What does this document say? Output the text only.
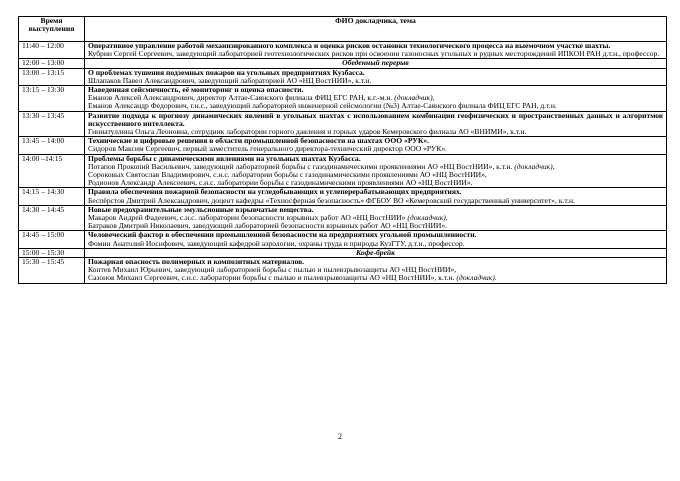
Время выступления	ФИО докладчика, тема
11:40 – 12:00	Оперативное управление работой механизированного комплекса и оценка рисков остановки технологического процесса на выемочном участке шахты.
Кубрин Сергей Сергеевич, заведующий лабораторией геотехнологических рисков при освоении газоносных угольных и рудных месторождений ИПКОН РАН д.т.н., профессор.

12:00 – 13:00	Обеденный перерыв
13:00 – 13:15	О проблемах тушения подземных пожаров на угольных предприятиях Кузбасса.
Шлапаков Павел Александрович, заведующий лабораторией АО «НЦ ВостНИИ», к.т.н.

13:15 – 13:30	Наведенная сейсмичность, её мониторинг и оценка опасности.
Еманов Алексей Александрович, директор Алтае-Саянского филиала ФИЦ ЕГС РАН, к.г.-м.н. (докладчик),
Еманов Александр Федорович, г.н.с., заведующий лабораторией инженерной сейсмологии (№3) Алтае-Саянского филиала ФИЦ ЕГС РАН, д.т.н.

13:30 – 13:45	Развитие подхода к прогнозу динамических явлений в угольных шахтах с использованием комбинации геофизических и пространственных данных и алгоритмов искусственного интеллекта.
Гиниатуллина Ольга Леоновна, сотрудник лаборатории горного давления и горных ударов Кемеровского филиала АО «ВНИМИ», к.т.н.

13:45 – 14:00	Технические и цифровые решения в области промышленной безопасности на шахтах ООО «РУК».
Сидоров Максим Сергеевич, первый заместитель генерального директора-технический директор ООО «РУК».

14:00 –14:15	Проблемы борьбы с динамическими явлениями на угольных шахтах Кузбасса.
Потапов Прокопий Васильевич, заведующий лабораторией борьбы с газодинамическими проявлениями АО «НЦ ВостНИИ», к.т.н. (докладчик),
Сороковых Святослав Владимирович, с.н.с. лаборатории борьбы с газодинамическими проявлениями АО «НЦ ВостНИИ»,
Родионов Александр Алексеевич, с.н.с. лаборатории борьбы с газодинамическими проявлениями АО «НЦ ВостНИИ».

14:15 – 14:30	Правила обеспечения пожарной безопасности на угледобывающих и углеперерабатывающих предприятиях.
Беспёрстов Дмитрий Александрович, доцент кафедры «Техносферная безопасность» ФГБОУ ВО «Кемеровский государственный университет», к.т.н.

14:30 – 14:45	Новые предохранительные эмульсионные взрывчатые вещества.
Макаров Андрей Фадеевич, с.н.с. лаборатории безопасности взрывных работ АО «НЦ ВостНИИ» (докладчик),
Батраков Дмитрий Николаевич, заведующий лабораторией безопасности взрывных работ АО «НЦ ВостНИИ».

14:45 – 15:00	Человеческий фактор в обеспечении промышленной безопасности на предприятиях угольной промышленности.
Фомин Анатолий Иосифович, заведующий кафедрой аэрологии, охраны труда и природы КузГТУ, д.т.н., профессор.

15:00 – 15:30	Кофе-брейк
15:30 – 15:45	Пожарная опасность полимерных и композитных материалов.
Коптев Михаил Юрьевич, заведующий лабораторией борьбы с пылью и пылевзрывозащиты АО «НЦ ВостНИИ»,
Сазонов Михаил Сергеевич, с.н.с. лаборатории борьбы с пылью и пылевзрывозащиты АО «НЦ ВостНИИ», к.т.н. (докладчик).
2
